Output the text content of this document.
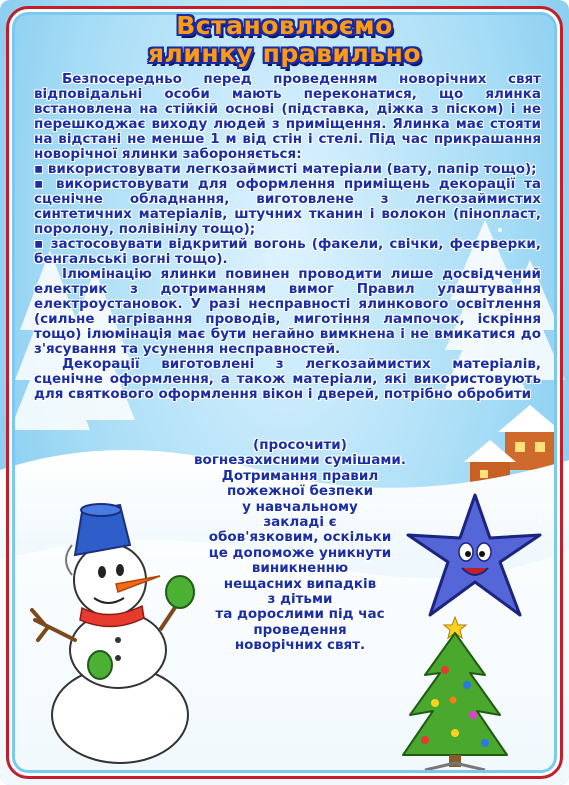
Встановлюємо
ялинку правильно

Безпосередньо перед проведенням новорічних свят відповідальні особи мають переконатися, що ялинка встановлена на стійкій основі (підставка, діжка з піском) і не перешкоджає виходу людей з приміщення. Ялинка має стояти на відстані не менше 1 м від стін і стелі. Під час прикрашання новорічної ялинки забороняється:

▪ використовувати легкозаймисті матеріали (вату, папір тощо);

▪ використовувати для оформлення приміщень декорації та сценічне обладнання, виготовлене з легкозаймистих синтетичних матеріалів, штучних тканин і волокон (пінопласт, поролону, полівінілу тощо);

▪ застосовувати відкритий вогонь (факели, свічки, феєрверки, бенгальські вогні тощо).

Ілюмінацію ялинки повинен проводити лише досвідчений електрик з дотриманням вимог Правил улаштування електроустановок. У разі несправності ялинкового освітлення (сильне нагрівання проводів, миготіння лампочок, іскріння тощо) ілюмінація має бути негайно вимкнена і не вмикатися до з'ясування та усунення несправностей.

Декорації виготовлені з легкозаймистих матеріалів, сценічне оформлення, а також матеріали, які використовують для святкового оформлення вікон і дверей, потрібно обробити

(просочити)
вогнезахисними сумішами.
Дотримання правил
пожежної безпеки
у навчальному
закладі є
обов'язковим, оскільки
це допоможе уникнути
виникненню
нещасних випадків
з дітьми
та дорослими під час
проведення
новорічних свят.
